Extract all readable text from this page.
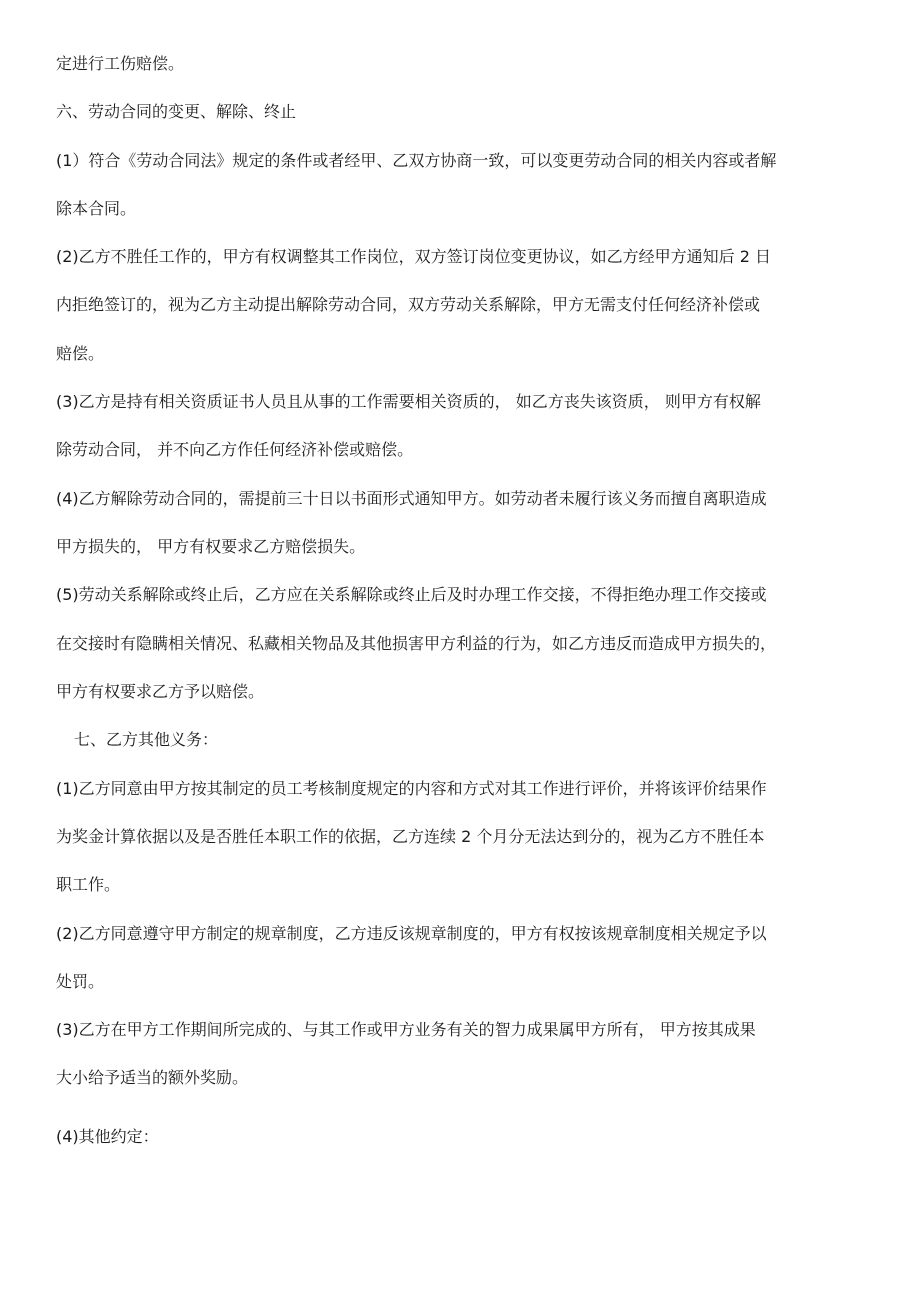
定进行工伤赔偿。
六、劳动合同的变更、解除、终止
(1）符合《劳动合同法》规定的条件或者经甲、乙双方协商一致，可以变更劳动合同的相关内容或者解
除本合同。
(2)乙方不胜任工作的，甲方有权调整其工作岗位，双方签订岗位变更协议，如乙方经甲方通知后 2 日
内拒绝签订的，视为乙方主动提出解除劳动合同，双方劳动关系解除，甲方无需支付任何经济补偿或
赔偿。
(3)乙方是持有相关资质证书人员且从事的工作需要相关资质的， 如乙方丧失该资质， 则甲方有权解
除劳动合同， 并不向乙方作任何经济补偿或赔偿。
(4)乙方解除劳动合同的，需提前三十日以书面形式通知甲方。如劳动者未履行该义务而擅自离职造成
甲方损失的， 甲方有权要求乙方赔偿损失。
(5)劳动关系解除或终止后，乙方应在关系解除或终止后及时办理工作交接，不得拒绝办理工作交接或
在交接时有隐瞒相关情况、私藏相关物品及其他损害甲方利益的行为，如乙方违反而造成甲方损失的，
甲方有权要求乙方予以赔偿。
七、乙方其他义务：
(1)乙方同意由甲方按其制定的员工考核制度规定的内容和方式对其工作进行评价，并将该评价结果作
为奖金计算依据以及是否胜任本职工作的依据，乙方连续 2 个月分无法达到分的，视为乙方不胜任本
职工作。
(2)乙方同意遵守甲方制定的规章制度，乙方违反该规章制度的，甲方有权按该规章制度相关规定予以
处罚。
(3)乙方在甲方工作期间所完成的、与其工作或甲方业务有关的智力成果属甲方所有， 甲方按其成果
大小给予适当的额外奖励。
(4)其他约定：
